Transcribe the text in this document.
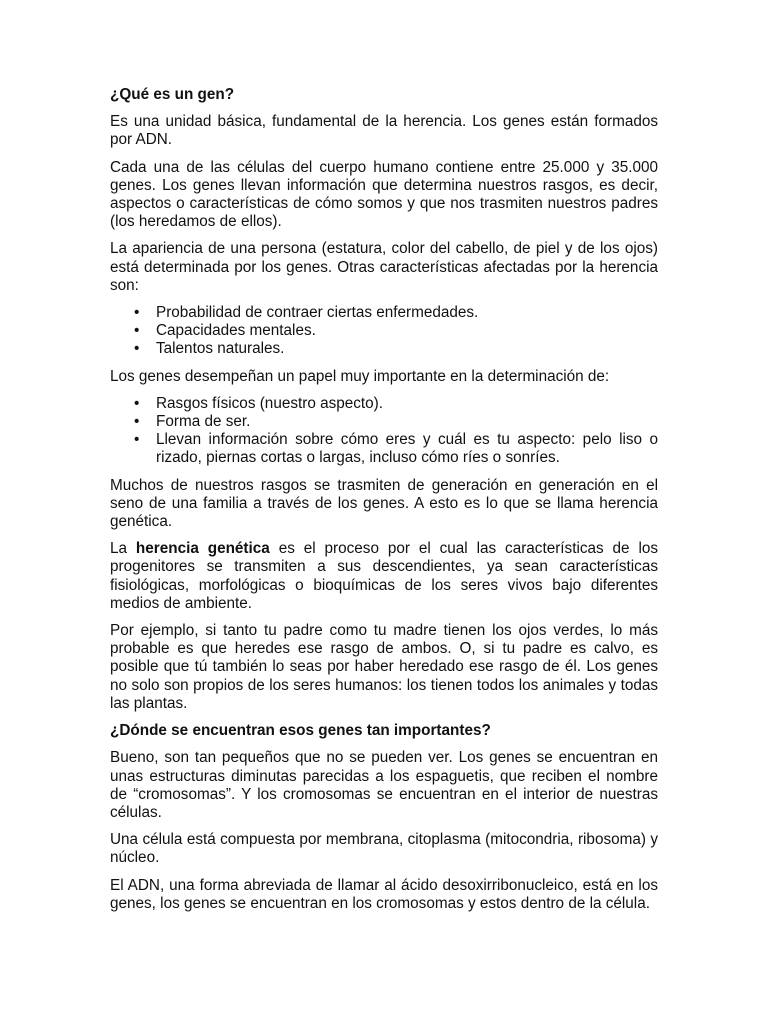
¿Qué es un gen?

Es una unidad básica, fundamental de la herencia. Los genes están formados por ADN.

Cada una de las células del cuerpo humano contiene entre 25.000 y 35.000 genes. Los genes llevan información que determina nuestros rasgos, es decir, aspectos o características de cómo somos y que nos trasmiten nuestros padres (los heredamos de ellos).

La apariencia de una persona (estatura, color del cabello, de piel y de los ojos) está determinada por los genes. Otras características afectadas por la herencia son:

• Probabilidad de contraer ciertas enfermedades.
• Capacidades mentales.
• Talentos naturales.

Los genes desempeñan un papel muy importante en la determinación de:

• Rasgos físicos (nuestro aspecto).
• Forma de ser.
• Llevan información sobre cómo eres y cuál es tu aspecto: pelo liso o rizado, piernas cortas o largas, incluso cómo ríes o sonríes.

Muchos de nuestros rasgos se trasmiten de generación en generación en el seno de una familia a través de los genes. A esto es lo que se llama herencia genética.

La herencia genética es el proceso por el cual las características de los progenitores se transmiten a sus descendientes, ya sean características fisiológicas, morfológicas o bioquímicas de los seres vivos bajo diferentes medios de ambiente.

Por ejemplo, si tanto tu padre como tu madre tienen los ojos verdes, lo más probable es que heredes ese rasgo de ambos. O, si tu padre es calvo, es posible que tú también lo seas por haber heredado ese rasgo de él. Los genes no solo son propios de los seres humanos: los tienen todos los animales y todas las plantas.

¿Dónde se encuentran esos genes tan importantes?

Bueno, son tan pequeños que no se pueden ver. Los genes se encuentran en unas estructuras diminutas parecidas a los espaguetis, que reciben el nombre de “cromosomas”. Y los cromosomas se encuentran en el interior de nuestras células.

Una célula está compuesta por membrana, citoplasma (mitocondria, ribosoma) y núcleo.

El ADN, una forma abreviada de llamar al ácido desoxirribonucleico, está en los genes, los genes se encuentran en los cromosomas y estos dentro de la célula.
